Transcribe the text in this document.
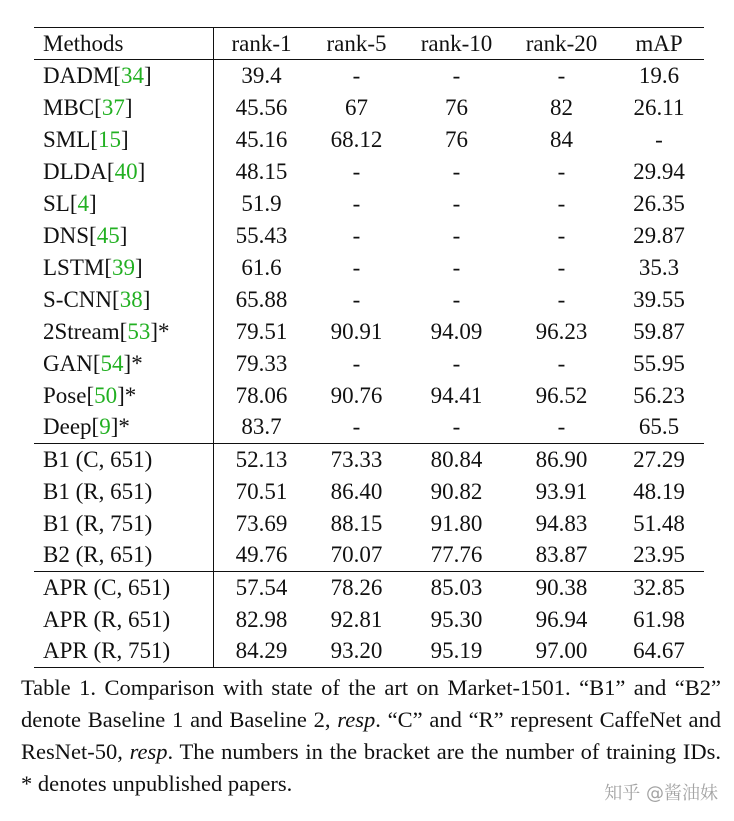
Methods	rank-1	rank-5	rank-10	rank-20	mAP
DADM[34]	39.4	-	-	-	19.6
MBC[37]	45.56	67	76	82	26.11
SML[15]	45.16	68.12	76	84	-
DLDA[40]	48.15	-	-	-	29.94
SL[4]	51.9	-	-	-	26.35
DNS[45]	55.43	-	-	-	29.87
LSTM[39]	61.6	-	-	-	35.3
S-CNN[38]	65.88	-	-	-	39.55
2Stream[53]*	79.51	90.91	94.09	96.23	59.87
GAN[54]*	79.33	-	-	-	55.95
Pose[50]*	78.06	90.76	94.41	96.52	56.23
Deep[9]*	83.7	-	-	-	65.5
B1 (C, 651)	52.13	73.33	80.84	86.90	27.29
B1 (R, 651)	70.51	86.40	90.82	93.91	48.19
B1 (R, 751)	73.69	88.15	91.80	94.83	51.48
B2 (R, 651)	49.76	70.07	77.76	83.87	23.95
APR (C, 651)	57.54	78.26	85.03	90.38	32.85
APR (R, 651)	82.98	92.81	95.30	96.94	61.98
APR (R, 751)	84.29	93.20	95.19	97.00	64.67

Table 1. Comparison with state of the art on Market-1501. “B1” and “B2” denote Baseline 1 and Baseline 2, resp. “C” and “R” represent CaffeNet and ResNet-50, resp. The numbers in the bracket are the number of training IDs. * denotes unpublished papers.	知乎 @酱油妹
